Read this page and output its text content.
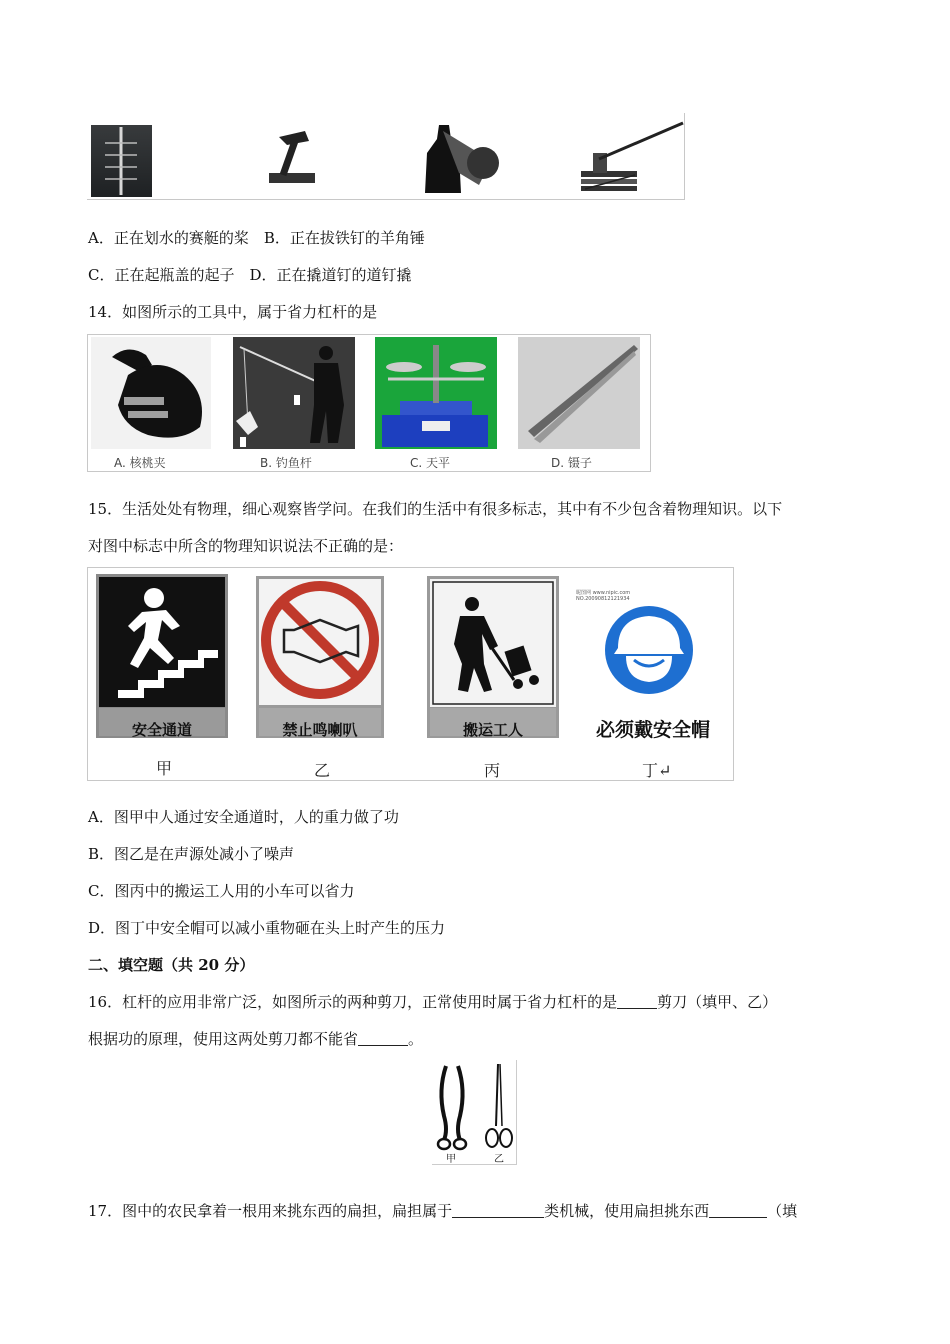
A．正在划水的赛艇的桨　B．正在拔铁钉的羊角锤
C．正在起瓶盖的起子　D．正在撬道钉的道钉撬
14．如图所示的工具中，属于省力杠杆的是
A. 核桃夹	B. 钓鱼杆	C. 天平	D. 镊子
15．生活处处有物理，细心观察皆学问。在我们的生活中有很多标志，其中有不少包含着物理知识。以下
对图中标志中所含的物理知识说法不正确的是：
昵图网 www.nipic.com NO.20090812121934
安全通道	禁止鸣喇叭	搬运工人	必须戴安全帽
甲	乙	丙	丁↵
A．图甲中人通过安全通道时，人的重力做了功
B．图乙是在声源处减小了噪声
C．图丙中的搬运工人用的小车可以省力
D．图丁中安全帽可以减小重物砸在头上时产生的压力
二、填空题（共 20 分）
16．杠杆的应用非常广泛，如图所示的两种剪刀，正常使用时属于省力杠杆的是	剪刀（填甲、乙）
根据功的原理，使用这两处剪刀都不能省	。
甲	乙
17．图中的农民拿着一根用来挑东西的扁担，扁担属于	类机械，使用扁担挑东西	（填
